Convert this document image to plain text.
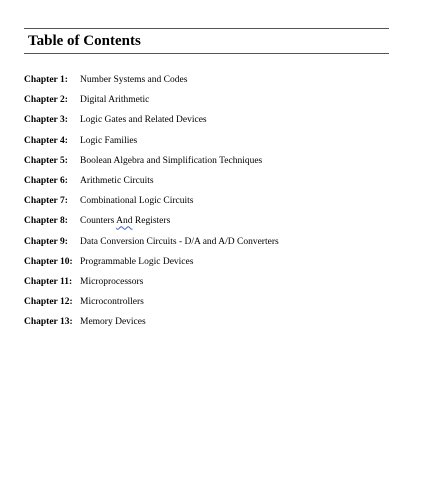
Table of Contents
Chapter 1:	Number Systems and Codes
Chapter 2:	Digital Arithmetic
Chapter 3:	Logic Gates and Related Devices
Chapter 4:	Logic Families
Chapter 5:	Boolean Algebra and Simplification Techniques
Chapter 6:	Arithmetic Circuits
Chapter 7:	Combinational Logic Circuits
Chapter 8:	Counters And Registers
Chapter 9:	Data Conversion Circuits - D/A and A/D Converters
Chapter 10: Programmable Logic Devices
Chapter 11: Microprocessors
Chapter 12: Microcontrollers
Chapter 13: Memory Devices
